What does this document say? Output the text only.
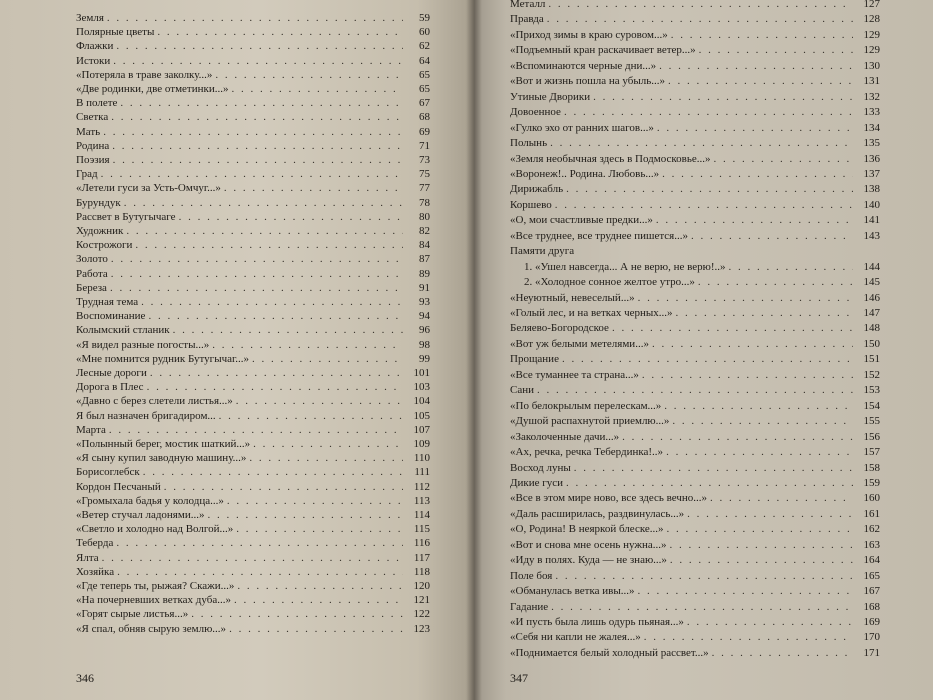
Земля . . .	59
Полярные цветы . . .	60
Флажки . . .	62
Истоки . . .	64
«Потеряла в траве заколку...» . . .	65
«Две родинки, две отметинки...» . . .	65
В полете . . .	67
Светка . . .	68
Мать . . .	69
Родина . . .	71
Поэзия . . .	73
Град . . .	75
«Летели гуси за Усть-Омчуг...» . . .	77
Бурундук . . .	78
Рассвет в Бутугычаге . . .	80
Художник . . .	82
Кострожоги . . .	84
Золото . . .	87
Работа . . .	89
Береза . . .	91
Трудная тема . . .	93
Воспоминание . . .	94
Колымский стланик . . .	96
«Я видел разные погосты...» . . .	98
«Мне помнится рудник Бутугычаг...» . . .	99
Лесные дороги . . .	101
Дорога в Плес . . .	103
«Давно с берез слетели листья...» . . .	104
Я был назначен бригадиром... . . .	105
Марта . . .	107
«Полынный берег, мостик шаткий...» . . .	109
«Я сыну купил заводную машину...» . . .	110
Борисоглебск . . .	111
Кордон Песчаный . . .	112
«Громыхала бадья у колодца...» . . .	113
«Ветер стучал ладонями...» . . .	114
«Светло и холодно над Волгой...» . . .	115
Теберда . . .	116
Ялта . . .	117
Хозяйка . . .	118
«Где теперь ты, рыжая? Скажи...» . . .	120
«На почерневших ветках дуба...» . . .	121
«Горят сырые листья...» . . .	122
«Я спал, обняв сырую землю...» . . .	123
346
Металл . . .	127
Правда . . .	128
«Приход зимы в краю суровом...» . . .	129
«Подъемный кран раскачивает ветер...» . . .	129
«Вспоминаются черные дни...» . . .	130
«Вот и жизнь пошла на убыль...» . . .	131
Утиные Дворики . . .	132
Довоенное . . .	133
«Гулко эхо от ранних шагов...» . . .	134
Полынь . . .	135
«Земля необычная здесь в Подмосковье...» . . .	136
«Воронеж!.. Родина. Любовь...» . . .	137
Дирижабль . . .	138
Коршево . . .	140
«О, мои счастливые предки...» . . .	141
«Все труднее, все труднее пишется...» . . .	143
Памяти друга
1. «Ушел навсегда... А не верю, не верю!..» . . .	144
2. «Холодное сонное желтое утро...» . . .	145
«Неуютный, невеселый...» . . .	146
«Голый лес, и на ветках черных...» . . .	147
Беляево-Богородское . . .	148
«Вот уж белыми метелями...» . . .	150
Прощание . . .	151
«Все туманнее та страна...» . . .	152
Сани . . .	153
«По белокрылым перелескам...» . . .	154
«Душой распахнутой приемлю...» . . .	155
«Заколоченные дачи...» . . .	156
«Ах, речка, речка Тебердинка!..» . . .	157
Восход луны . . .	158
Дикие гуси . . .	159
«Все в этом мире ново, все здесь вечно...» . . .	160
«Даль расширилась, раздвинулась...» . . .	161
«О, Родина! В неяркой блеске...» . . .	162
«Вот и снова мне осень нужна...» . . .	163
«Иду в полях. Куда — не знаю...» . . .	164
Поле боя . . .	165
«Обманулась ветка ивы...» . . .	167
Гадание . . .	168
«И пусть была лишь одурь пьяная...» . . .	169
«Себя ни капли не жалея...» . . .	170
«Поднимается белый холодный рассвет...» . . .	171
347
